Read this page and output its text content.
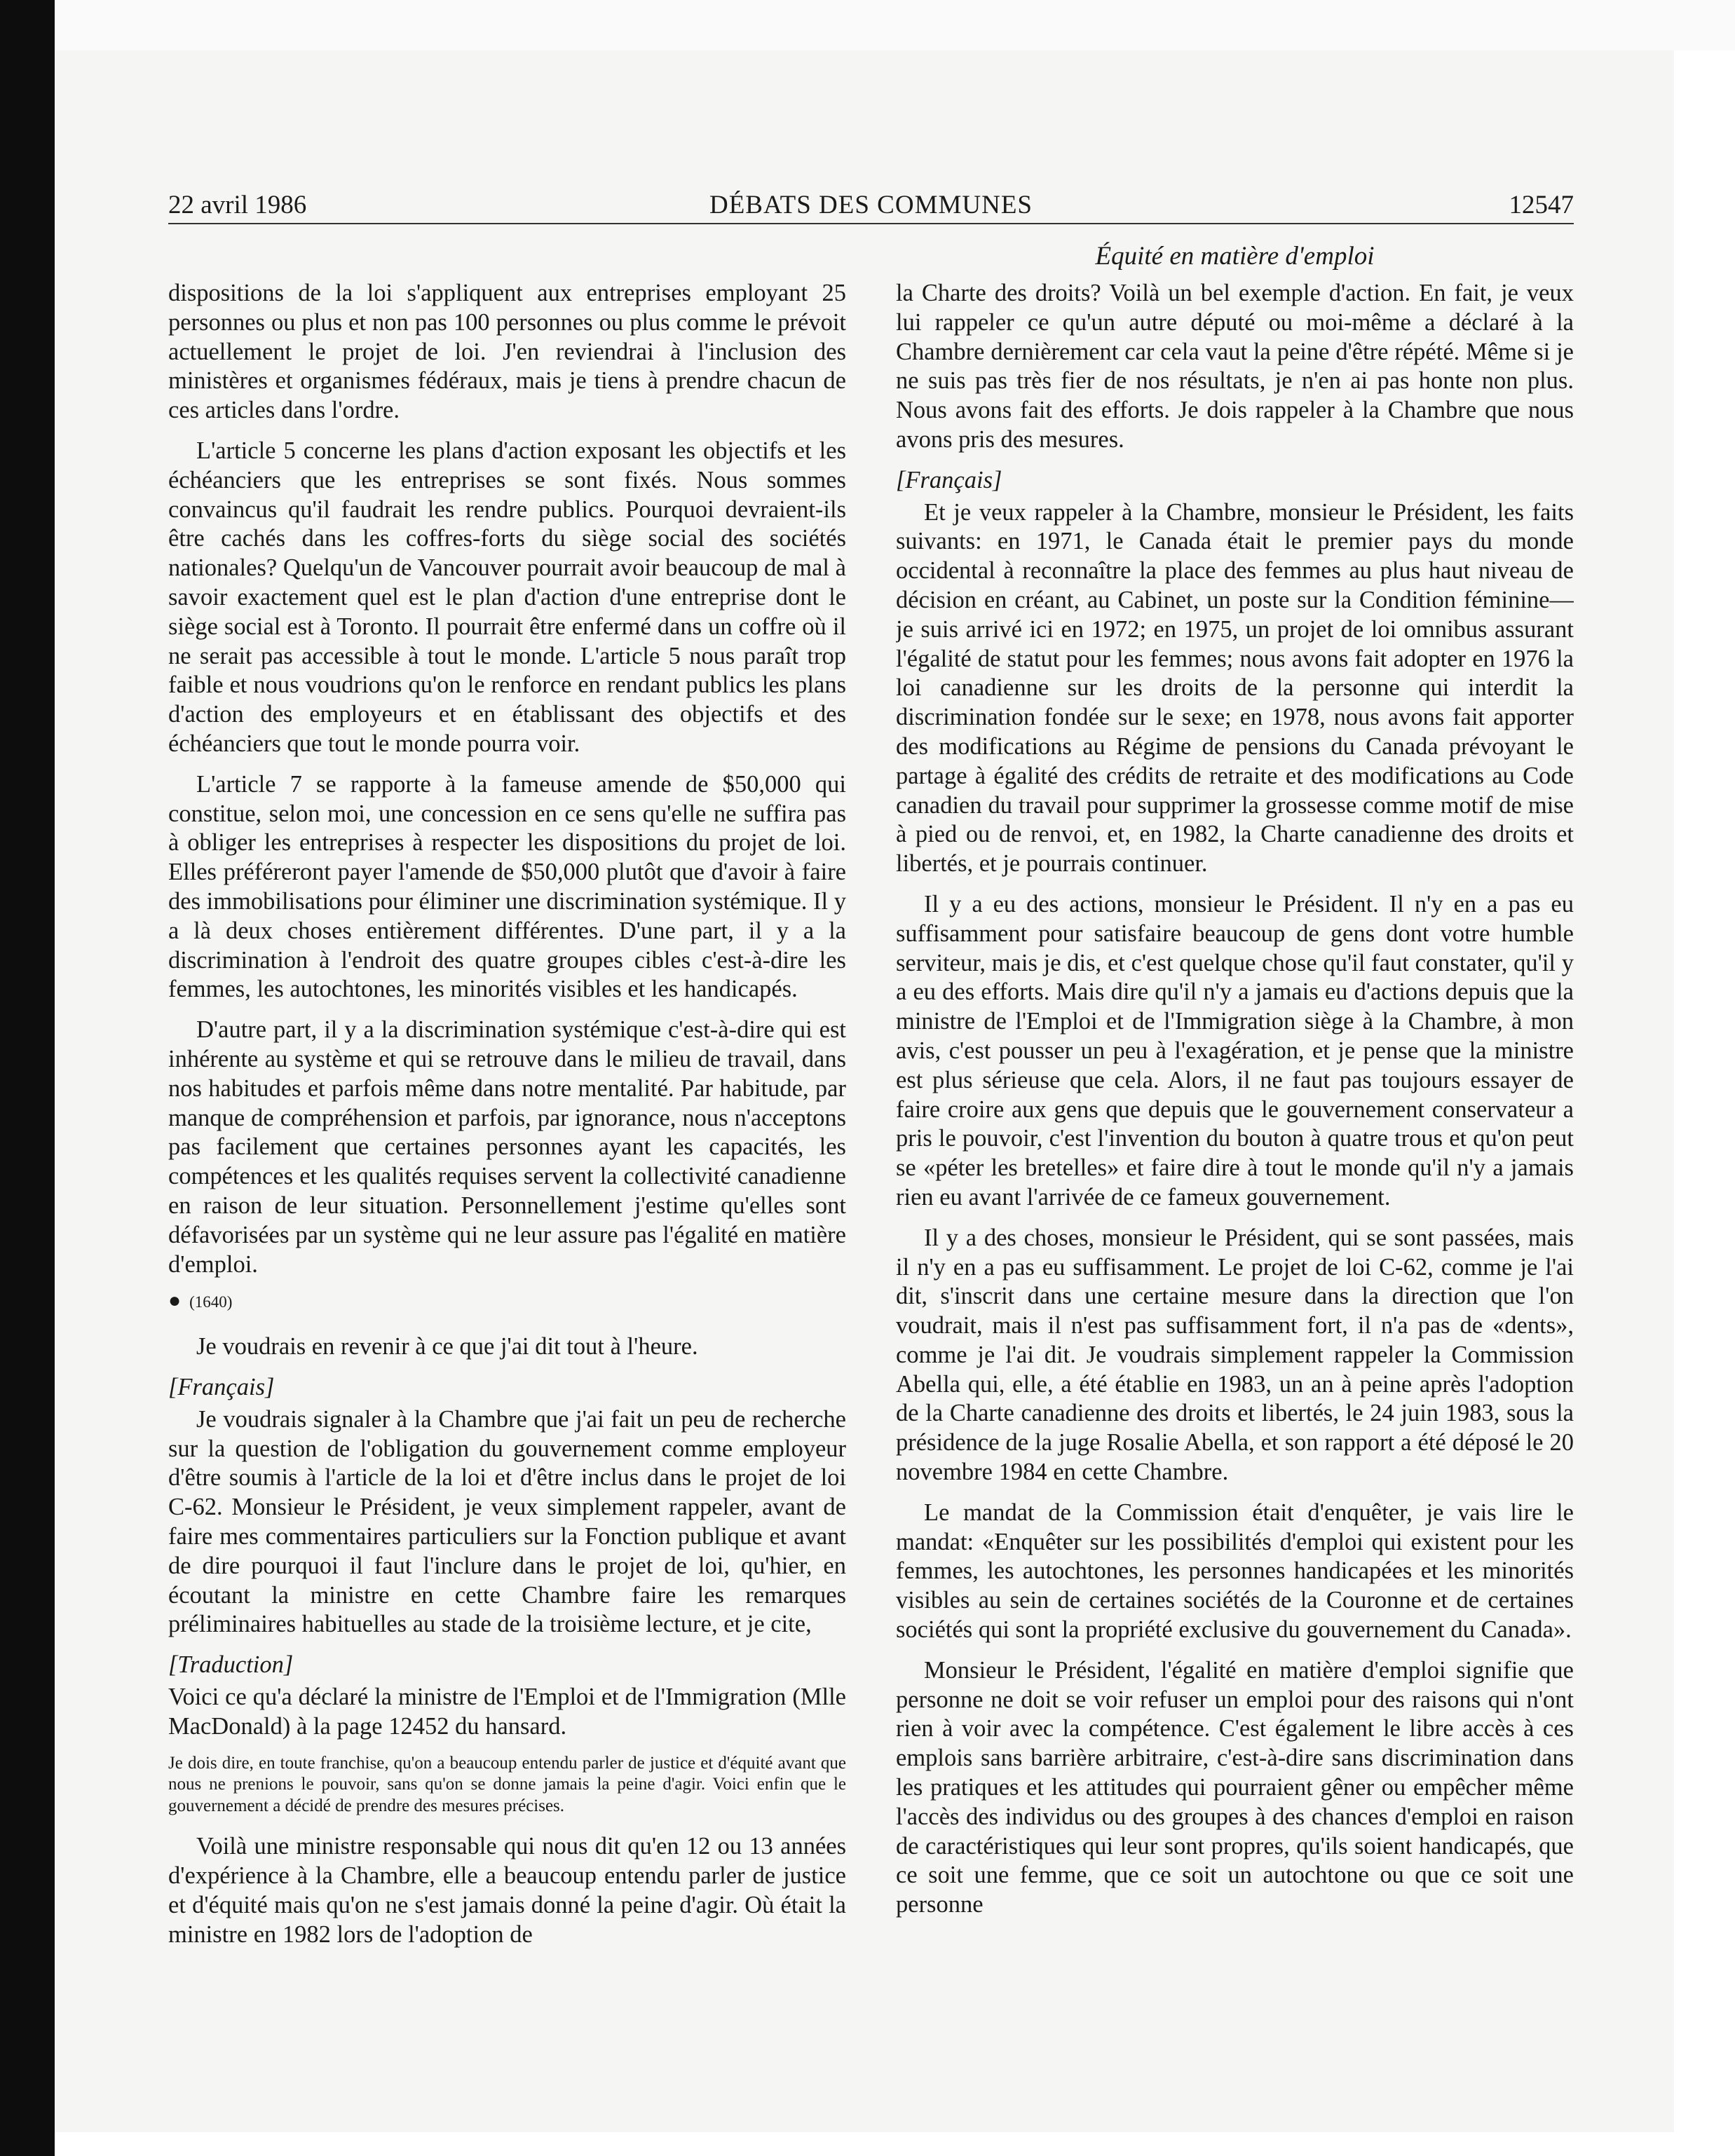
22 avril 1986	DÉBATS DES COMMUNES	12547
Équité en matière d'emploi

dispositions de la loi s'appliquent aux entreprises employant 25 personnes ou plus et non pas 100 personnes ou plus comme le prévoit actuellement le projet de loi. J'en reviendrai à l'inclusion des ministères et organismes fédéraux, mais je tiens à prendre chacun de ces articles dans l'ordre.

L'article 5 concerne les plans d'action exposant les objectifs et les échéanciers que les entreprises se sont fixés. Nous sommes convaincus qu'il faudrait les rendre publics. Pourquoi devraient-ils être cachés dans les coffres-forts du siège social des sociétés nationales? Quelqu'un de Vancouver pourrait avoir beaucoup de mal à savoir exactement quel est le plan d'action d'une entreprise dont le siège social est à Toronto. Il pourrait être enfermé dans un coffre où il ne serait pas accessible à tout le monde. L'article 5 nous paraît trop faible et nous voudrions qu'on le renforce en rendant publics les plans d'action des employeurs et en établissant des objectifs et des échéanciers que tout le monde pourra voir.

L'article 7 se rapporte à la fameuse amende de $50,000 qui constitue, selon moi, une concession en ce sens qu'elle ne suffira pas à obliger les entreprises à respecter les dispositions du projet de loi. Elles préféreront payer l'amende de $50,000 plutôt que d'avoir à faire des immobilisations pour éliminer une discrimination systémique. Il y a là deux choses entièrement différentes. D'une part, il y a la discrimination à l'endroit des quatre groupes cibles c'est-à-dire les femmes, les autochtones, les minorités visibles et les handicapés.

D'autre part, il y a la discrimination systémique c'est-à-dire qui est inhérente au système et qui se retrouve dans le milieu de travail, dans nos habitudes et parfois même dans notre mentalité. Par habitude, par manque de compréhension et parfois, par ignorance, nous n'acceptons pas facilement que certaines personnes ayant les capacités, les compétences et les qualités requises servent la collectivité canadienne en raison de leur situation. Personnellement j'estime qu'elles sont défavorisées par un système qui ne leur assure pas l'égalité en matière d'emploi.

● (1640)

Je voudrais en revenir à ce que j'ai dit tout à l'heure.

[Français]

Je voudrais signaler à la Chambre que j'ai fait un peu de recherche sur la question de l'obligation du gouvernement comme employeur d'être soumis à l'article de la loi et d'être inclus dans le projet de loi C-62. Monsieur le Président, je veux simplement rappeler, avant de faire mes commentaires particuliers sur la Fonction publique et avant de dire pourquoi il faut l'inclure dans le projet de loi, qu'hier, en écoutant la ministre en cette Chambre faire les remarques préliminaires habituelles au stade de la troisième lecture, et je cite,

[Traduction]

Voici ce qu'a déclaré la ministre de l'Emploi et de l'Immigration (Mlle MacDonald) à la page 12452 du hansard.

Je dois dire, en toute franchise, qu'on a beaucoup entendu parler de justice et d'équité avant que nous ne prenions le pouvoir, sans qu'on se donne jamais la peine d'agir. Voici enfin que le gouvernement a décidé de prendre des mesures précises.

Voilà une ministre responsable qui nous dit qu'en 12 ou 13 années d'expérience à la Chambre, elle a beaucoup entendu parler de justice et d'équité mais qu'on ne s'est jamais donné la peine d'agir. Où était la ministre en 1982 lors de l'adoption de

la Charte des droits? Voilà un bel exemple d'action. En fait, je veux lui rappeler ce qu'un autre député ou moi-même a déclaré à la Chambre dernièrement car cela vaut la peine d'être répété. Même si je ne suis pas très fier de nos résultats, je n'en ai pas honte non plus. Nous avons fait des efforts. Je dois rappeler à la Chambre que nous avons pris des mesures.

[Français]

Et je veux rappeler à la Chambre, monsieur le Président, les faits suivants: en 1971, le Canada était le premier pays du monde occidental à reconnaître la place des femmes au plus haut niveau de décision en créant, au Cabinet, un poste sur la Condition féminine—je suis arrivé ici en 1972; en 1975, un projet de loi omnibus assurant l'égalité de statut pour les femmes; nous avons fait adopter en 1976 la loi canadienne sur les droits de la personne qui interdit la discrimination fondée sur le sexe; en 1978, nous avons fait apporter des modifications au Régime de pensions du Canada prévoyant le partage à égalité des crédits de retraite et des modifications au Code canadien du travail pour supprimer la grossesse comme motif de mise à pied ou de renvoi, et, en 1982, la Charte canadienne des droits et libertés, et je pourrais continuer.

Il y a eu des actions, monsieur le Président. Il n'y en a pas eu suffisamment pour satisfaire beaucoup de gens dont votre humble serviteur, mais je dis, et c'est quelque chose qu'il faut constater, qu'il y a eu des efforts. Mais dire qu'il n'y a jamais eu d'actions depuis que la ministre de l'Emploi et de l'Immigration siège à la Chambre, à mon avis, c'est pousser un peu à l'exagération, et je pense que la ministre est plus sérieuse que cela. Alors, il ne faut pas toujours essayer de faire croire aux gens que depuis que le gouvernement conservateur a pris le pouvoir, c'est l'invention du bouton à quatre trous et qu'on peut se «péter les bretelles» et faire dire à tout le monde qu'il n'y a jamais rien eu avant l'arrivée de ce fameux gouvernement.

Il y a des choses, monsieur le Président, qui se sont passées, mais il n'y en a pas eu suffisamment. Le projet de loi C-62, comme je l'ai dit, s'inscrit dans une certaine mesure dans la direction que l'on voudrait, mais il n'est pas suffisamment fort, il n'a pas de «dents», comme je l'ai dit. Je voudrais simplement rappeler la Commission Abella qui, elle, a été établie en 1983, un an à peine après l'adoption de la Charte canadienne des droits et libertés, le 24 juin 1983, sous la présidence de la juge Rosalie Abella, et son rapport a été déposé le 20 novembre 1984 en cette Chambre.

Le mandat de la Commission était d'enquêter, je vais lire le mandat: «Enquêter sur les possibilités d'emploi qui existent pour les femmes, les autochtones, les personnes handicapées et les minorités visibles au sein de certaines sociétés de la Couronne et de certaines sociétés qui sont la propriété exclusive du gouvernement du Canada».

Monsieur le Président, l'égalité en matière d'emploi signifie que personne ne doit se voir refuser un emploi pour des raisons qui n'ont rien à voir avec la compétence. C'est également le libre accès à ces emplois sans barrière arbitraire, c'est-à-dire sans discrimination dans les pratiques et les attitudes qui pourraient gêner ou empêcher même l'accès des individus ou des groupes à des chances d'emploi en raison de caractéristiques qui leur sont propres, qu'ils soient handicapés, que ce soit une femme, que ce soit un autochtone ou que ce soit une personne
